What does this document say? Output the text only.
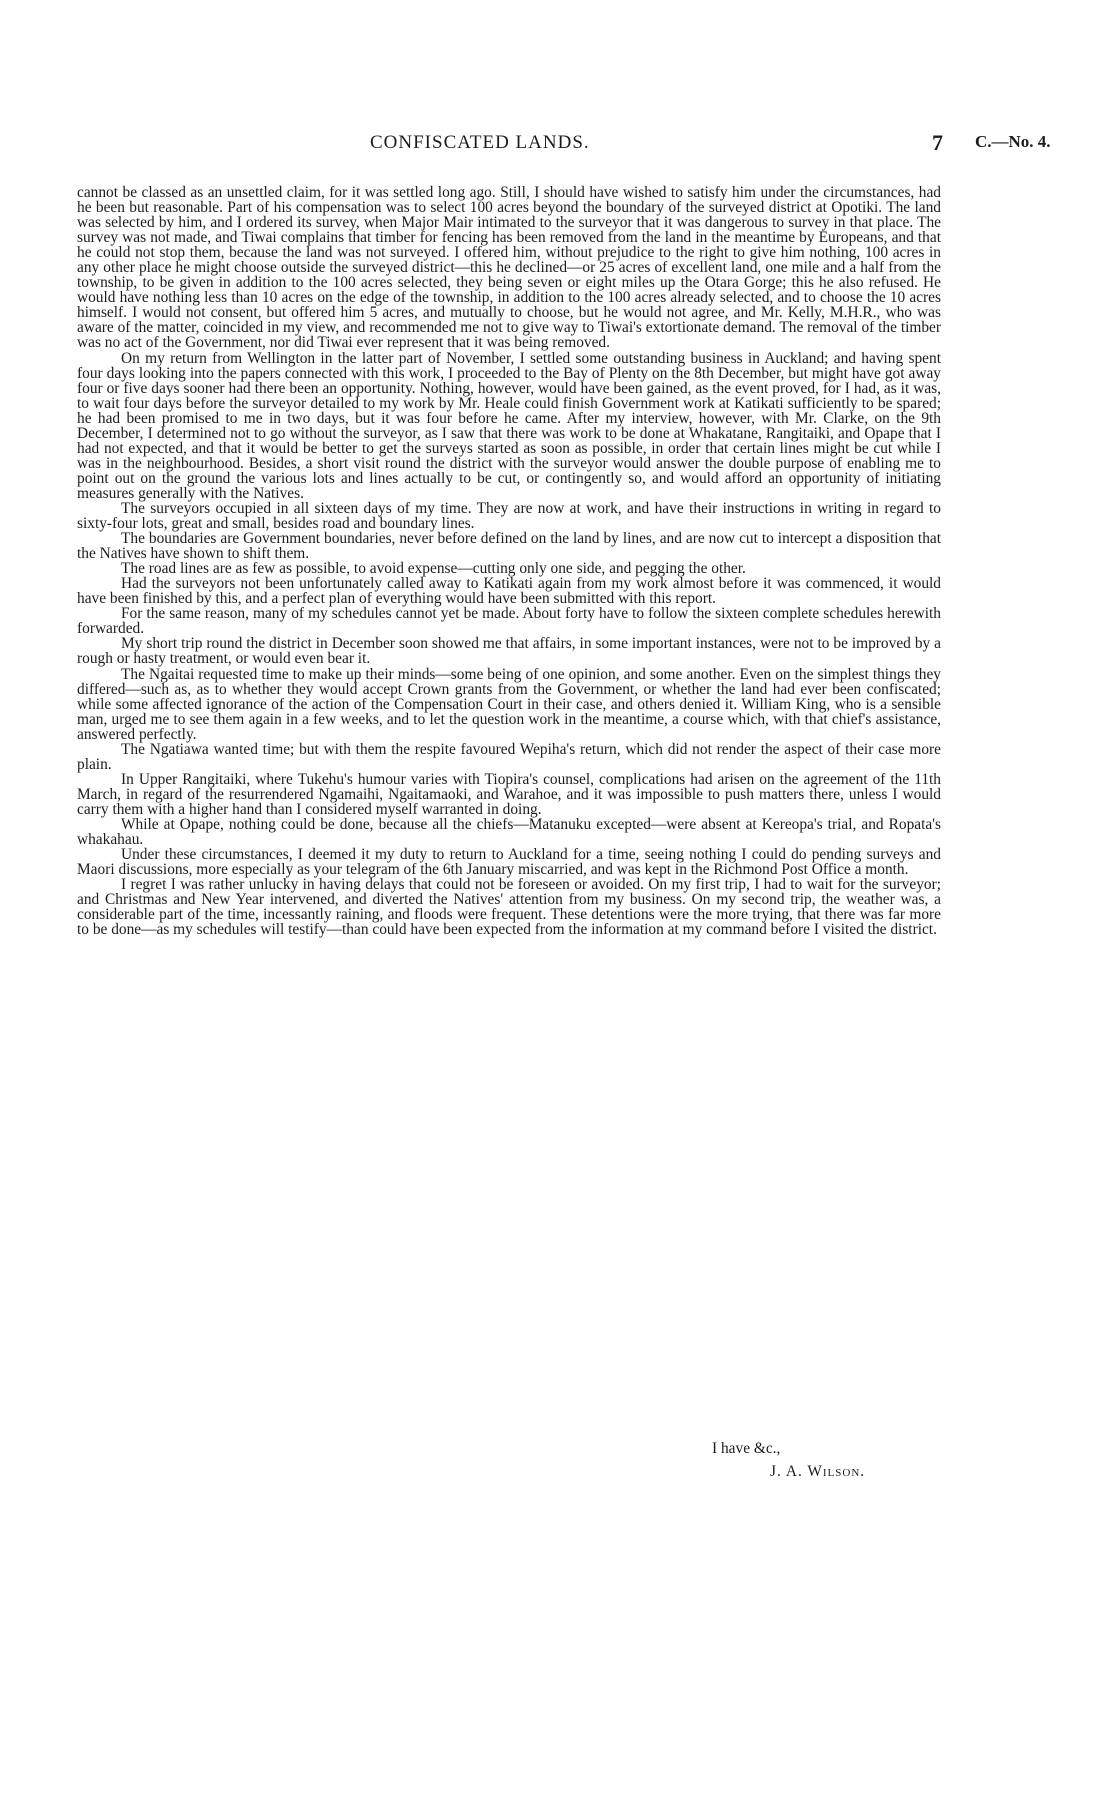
CONFISCATED LANDS.	7 C.—No. 4.

cannot be classed as an unsettled claim, for it was settled long ago. Still, I should have wished to satisfy him under the circumstances, had he been but reasonable. Part of his compensation was to select 100 acres beyond the boundary of the surveyed district at Opotiki. The land was selected by him, and I ordered its survey, when Major Mair intimated to the surveyor that it was dangerous to survey in that place. The survey was not made, and Tiwai complains that timber for fencing has been removed from the land in the meantime by Europeans, and that he could not stop them, because the land was not surveyed. I offered him, without prejudice to the right to give him nothing, 100 acres in any other place he might choose outside the surveyed district—this he declined—or 25 acres of excellent land, one mile and a half from the township, to be given in addition to the 100 acres selected, they being seven or eight miles up the Otara Gorge; this he also refused. He would have nothing less than 10 acres on the edge of the township, in addition to the 100 acres already selected, and to choose the 10 acres himself. I would not consent, but offered him 5 acres, and mutually to choose, but he would not agree, and Mr. Kelly, M.H.R., who was aware of the matter, coincided in my view, and recommended me not to give way to Tiwai's extortionate demand. The removal of the timber was no act of the Government, nor did Tiwai ever represent that it was being removed.

On my return from Wellington in the latter part of November, I settled some outstanding business in Auckland; and having spent four days looking into the papers connected with this work, I proceeded to the Bay of Plenty on the 8th December, but might have got away four or five days sooner had there been an opportunity. Nothing, however, would have been gained, as the event proved, for I had, as it was, to wait four days before the surveyor detailed to my work by Mr. Heale could finish Government work at Katikati sufficiently to be spared; he had been promised to me in two days, but it was four before he came. After my interview, however, with Mr. Clarke, on the 9th December, I determined not to go without the surveyor, as I saw that there was work to be done at Whakatane, Rangitaiki, and Opape that I had not expected, and that it would be better to get the surveys started as soon as possible, in order that certain lines might be cut while I was in the neighbourhood. Besides, a short visit round the district with the surveyor would answer the double purpose of enabling me to point out on the ground the various lots and lines actually to be cut, or contingently so, and would afford an opportunity of initiating measures generally with the Natives.

The surveyors occupied in all sixteen days of my time. They are now at work, and have their instructions in writing in regard to sixty-four lots, great and small, besides road and boundary lines.

The boundaries are Government boundaries, never before defined on the land by lines, and are now cut to intercept a disposition that the Natives have shown to shift them.

The road lines are as few as possible, to avoid expense—cutting only one side, and pegging the other.

Had the surveyors not been unfortunately called away to Katikati again from my work almost before it was commenced, it would have been finished by this, and a perfect plan of everything would have been submitted with this report.

For the same reason, many of my schedules cannot yet be made. About forty have to follow the sixteen complete schedules herewith forwarded.

My short trip round the district in December soon showed me that affairs, in some important instances, were not to be improved by a rough or hasty treatment, or would even bear it.

The Ngaitai requested time to make up their minds—some being of one opinion, and some another. Even on the simplest things they differed—such as, as to whether they would accept Crown grants from the Government, or whether the land had ever been confiscated; while some affected ignorance of the action of the Compensation Court in their case, and others denied it. William King, who is a sensible man, urged me to see them again in a few weeks, and to let the question work in the meantime, a course which, with that chief's assistance, answered perfectly.

The Ngatiawa wanted time; but with them the respite favoured Wepiha's return, which did not render the aspect of their case more plain.

In Upper Rangitaiki, where Tukehu's humour varies with Tiopira's counsel, complications had arisen on the agreement of the 11th March, in regard of the resurrendered Ngamaihi, Ngaitamaoki, and Warahoe, and it was impossible to push matters there, unless I would carry them with a higher hand than I considered myself warranted in doing.

While at Opape, nothing could be done, because all the chiefs—Matanuku excepted—were absent at Kereopa's trial, and Ropata's whakahau.

Under these circumstances, I deemed it my duty to return to Auckland for a time, seeing nothing I could do pending surveys and Maori discussions, more especially as your telegram of the 6th January miscarried, and was kept in the Richmond Post Office a month.

I regret I was rather unlucky in having delays that could not be foreseen or avoided. On my first trip, I had to wait for the surveyor; and Christmas and New Year intervened, and diverted the Natives' attention from my business. On my second trip, the weather was, a considerable part of the time, incessantly raining, and floods were frequent. These detentions were the more trying, that there was far more to be done—as my schedules will testify—than could have been expected from the information at my command before I visited the district.

I have &c.,
J. A. Wilson.
